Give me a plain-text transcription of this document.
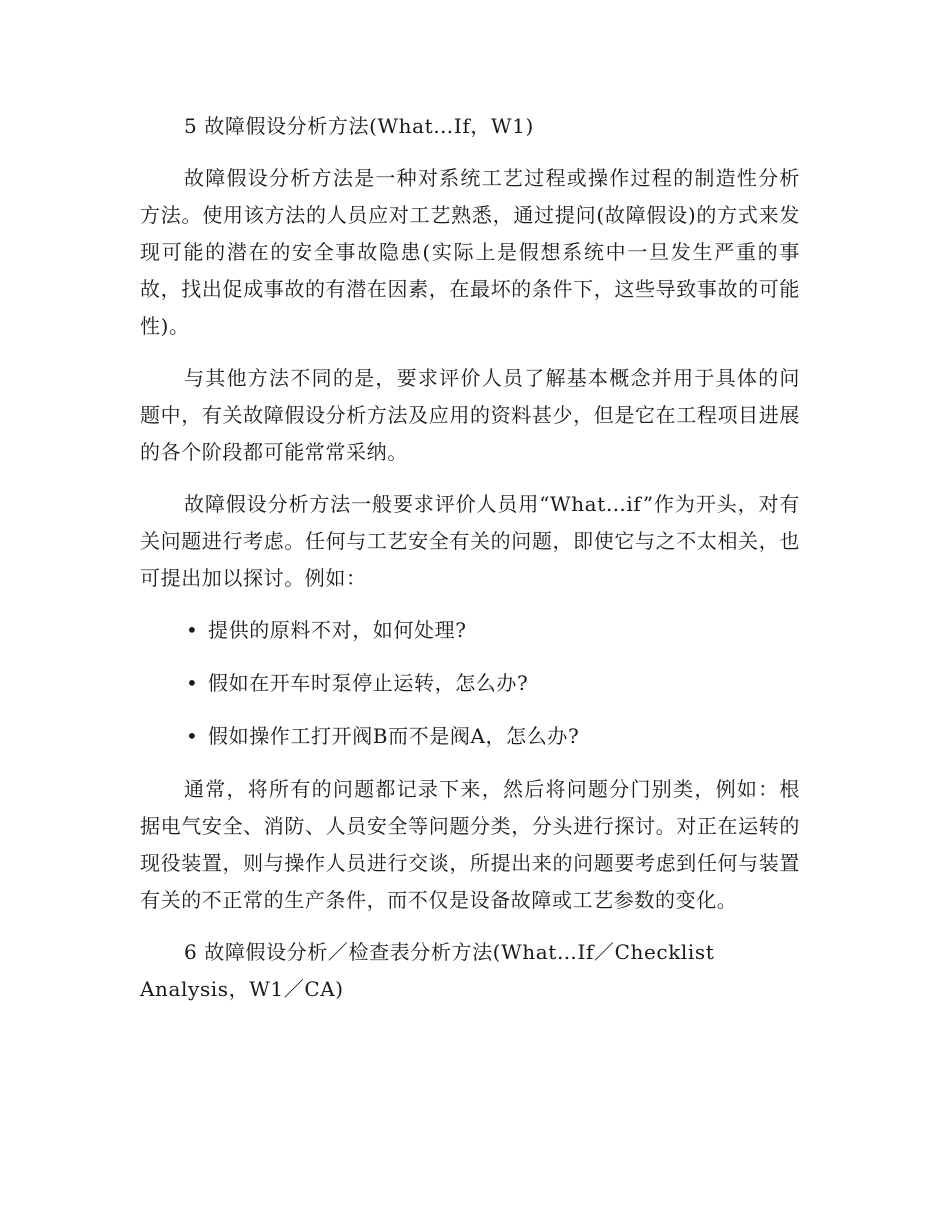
5 故障假设分析方法(What…If，W1)

故障假设分析方法是一种对系统工艺过程或操作过程的制造性分析方法。使用该方法的人员应对工艺熟悉，通过提问(故障假设)的方式来发现可能的潜在的安全事故隐患(实际上是假想系统中一旦发生严重的事故，找出促成事故的有潜在因素，在最坏的条件下，这些导致事故的可能性)。

与其他方法不同的是，要求评价人员了解基本概念并用于具体的问题中，有关故障假设分析方法及应用的资料甚少，但是它在工程项目进展的各个阶段都可能常常采纳。

故障假设分析方法一般要求评价人员用“What…if”作为开头，对有关问题进行考虑。任何与工艺安全有关的问题，即使它与之不太相关，也可提出加以探讨。例如：

• 提供的原料不对，如何处理?

• 假如在开车时泵停止运转，怎么办?

• 假如操作工打开阀B而不是阀A，怎么办?

通常，将所有的问题都记录下来，然后将问题分门别类，例如：根据电气安全、消防、人员安全等问题分类，分头进行探讨。对正在运转的现役装置，则与操作人员进行交谈，所提出来的问题要考虑到任何与装置有关的不正常的生产条件，而不仅是设备故障或工艺参数的变化。

6 故障假设分析／检查表分析方法(What…If／Checklist Analysis，W1／CA)
